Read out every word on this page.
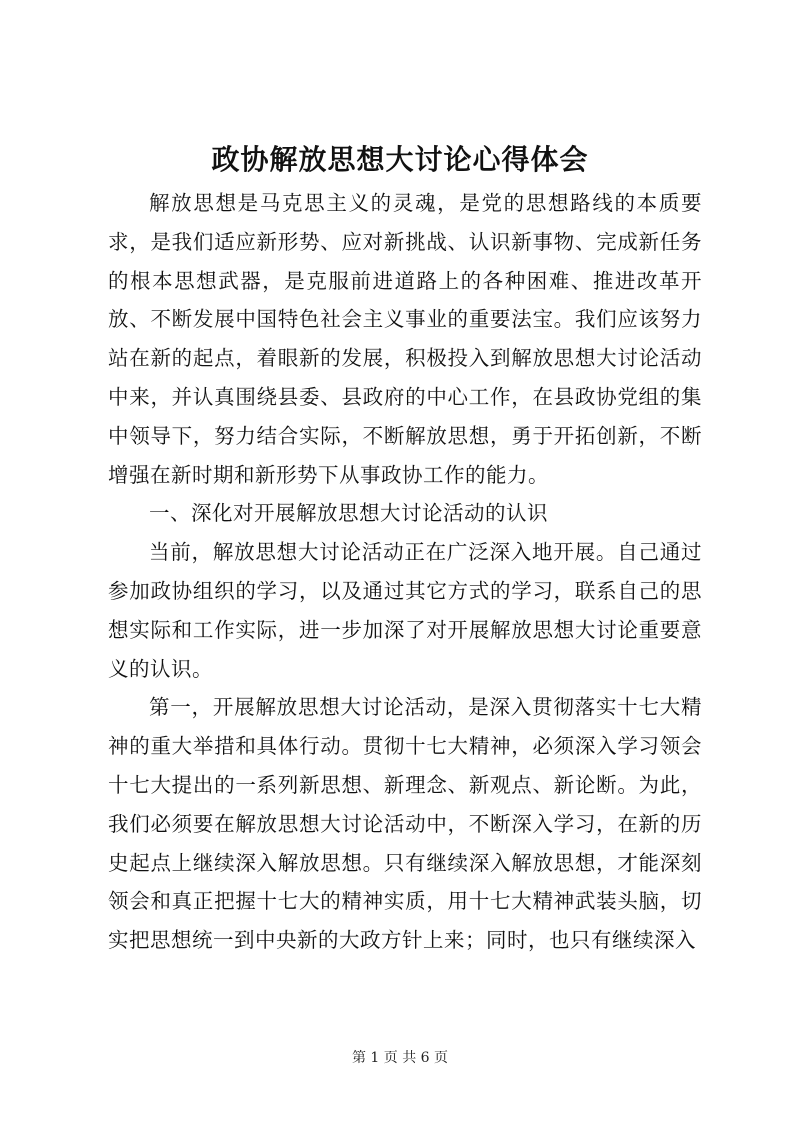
政协解放思想大讨论心得体会

解放思想是马克思主义的灵魂，是党的思想路线的本质要求，是我们适应新形势、应对新挑战、认识新事物、完成新任务的根本思想武器，是克服前进道路上的各种困难、推进改革开放、不断发展中国特色社会主义事业的重要法宝。我们应该努力站在新的起点，着眼新的发展，积极投入到解放思想大讨论活动中来，并认真围绕县委、县政府的中心工作，在县政协党组的集中领导下，努力结合实际，不断解放思想，勇于开拓创新，不断增强在新时期和新形势下从事政协工作的能力。

一、深化对开展解放思想大讨论活动的认识

当前，解放思想大讨论活动正在广泛深入地开展。自己通过参加政协组织的学习，以及通过其它方式的学习，联系自己的思想实际和工作实际，进一步加深了对开展解放思想大讨论重要意义的认识。

第一，开展解放思想大讨论活动，是深入贯彻落实十七大精神的重大举措和具体行动。贯彻十七大精神，必须深入学习领会十七大提出的一系列新思想、新理念、新观点、新论断。为此，我们必须要在解放思想大讨论活动中，不断深入学习，在新的历史起点上继续深入解放思想。只有继续深入解放思想，才能深刻领会和真正把握十七大的精神实质，用十七大精神武装头脑，切实把思想统一到中央新的大政方针上来；同时，也只有继续深入

第 1 页 共 6 页
